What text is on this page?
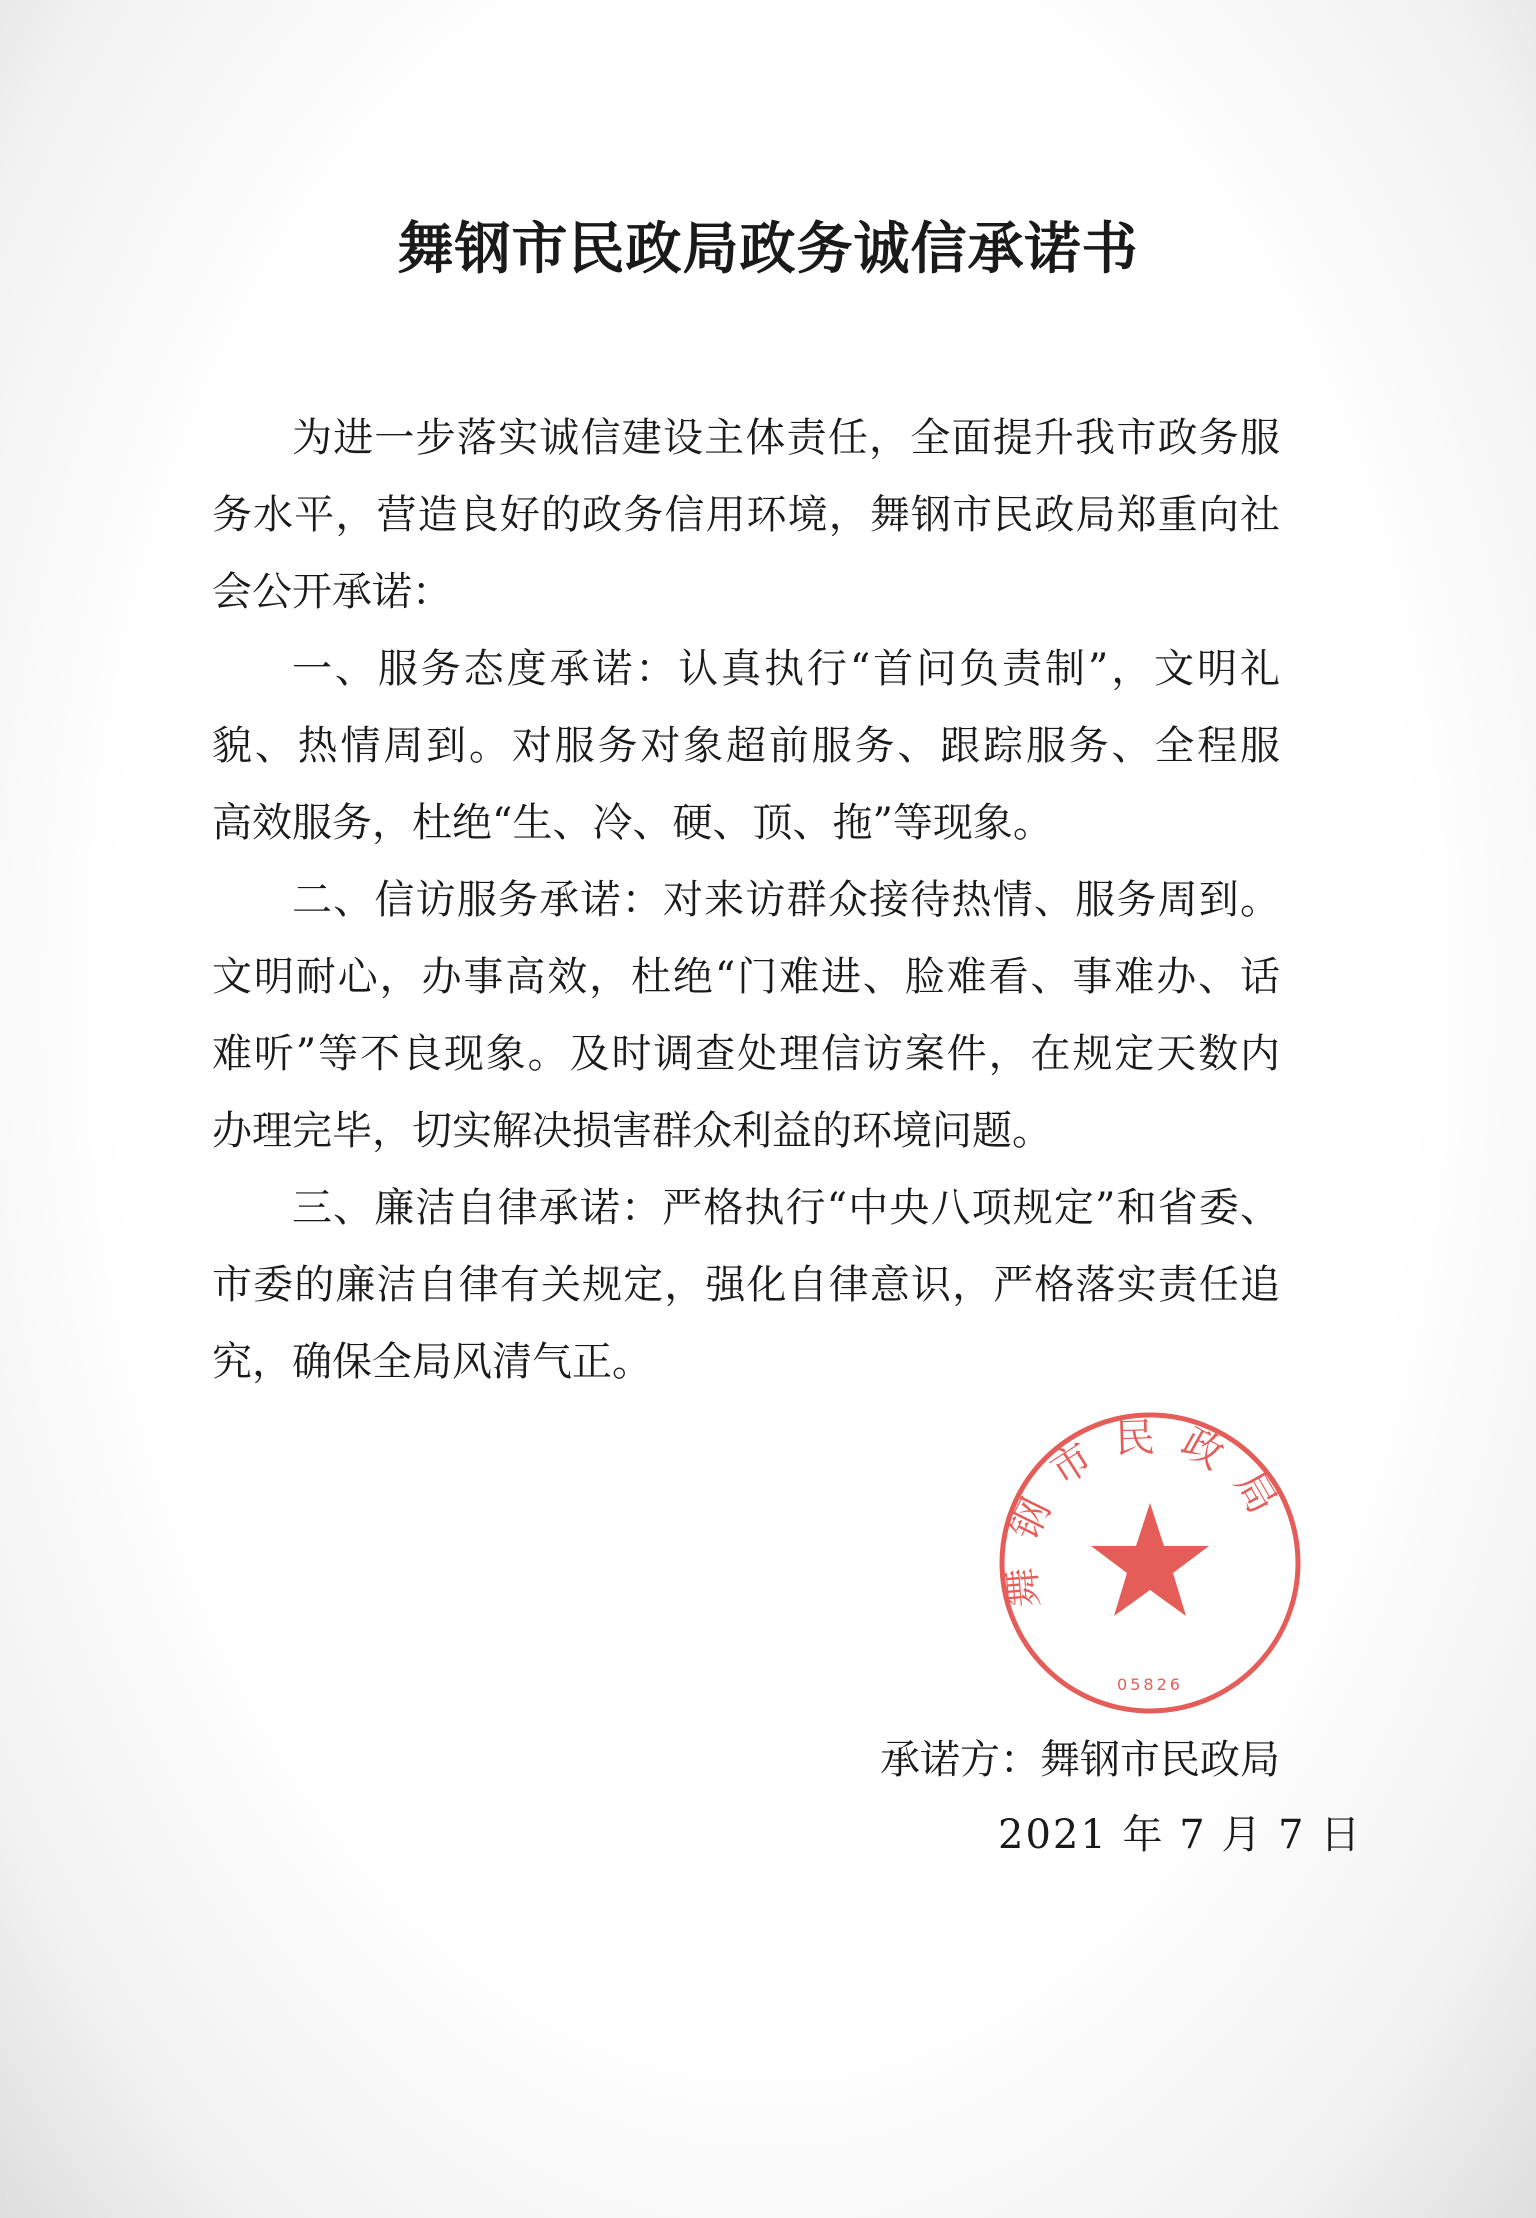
舞钢市民政局政务诚信承诺书
为进一步落实诚信建设主体责任，全面提升我市政务服
务水平，营造良好的政务信用环境，舞钢市民政局郑重向社
会公开承诺：
一、服务态度承诺：认真执行“首问负责制”，文明礼
貌、热情周到。对服务对象超前服务、跟踪服务、全程服
高效服务，杜绝“生、冷、硬、顶、拖”等现象。
二、信访服务承诺：对来访群众接待热情、服务周到。
文明耐心，办事高效，杜绝“门难进、脸难看、事难办、话
难听”等不良现象。及时调查处理信访案件，在规定天数内
办理完毕，切实解决损害群众利益的环境问题。
三、廉洁自律承诺：严格执行“中央八项规定”和省委、
市委的廉洁自律有关规定，强化自律意识，严格落实责任追
究，确保全局风清气正。
舞钢市民政局
05826
承诺方：舞钢市民政局
2021 年 7 月 7 日
